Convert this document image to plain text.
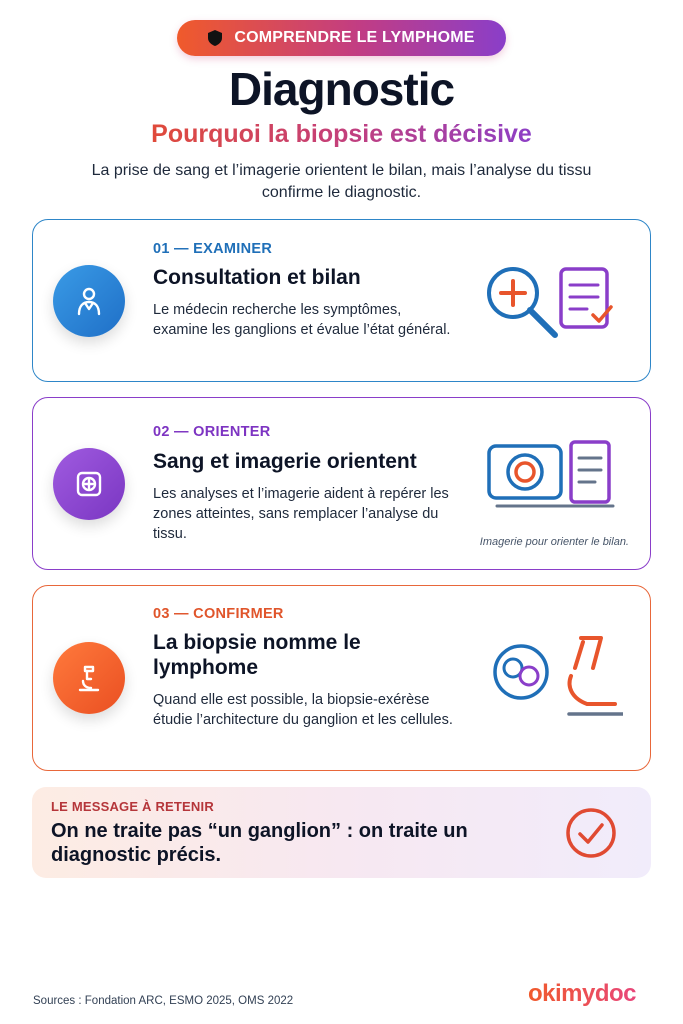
COMPRENDRE LE LYMPHOME
Diagnostic
Pourquoi la biopsie est décisive
La prise de sang et l’imagerie orientent le bilan, mais l’analyse du tissu confirme le diagnostic.
01 — EXAMINER
Consultation et bilan
Le médecin recherche les symptômes, examine les ganglions et évalue l’état général.
02 — ORIENTER
Sang et imagerie orientent
Les analyses et l’imagerie aident à repérer les zones atteintes, sans remplacer l’analyse du tissu.	Imagerie pour orienter le bilan.
03 — CONFIRMER
La biopsie nomme le lymphome
Quand elle est possible, la biopsie-exérèse étudie l’architecture du ganglion et les cellules.
LE MESSAGE À RETENIR
On ne traite pas “un ganglion” : on traite un diagnostic précis.
Sources : Fondation ARC, ESMO 2025, OMS 2022	okimydoc
